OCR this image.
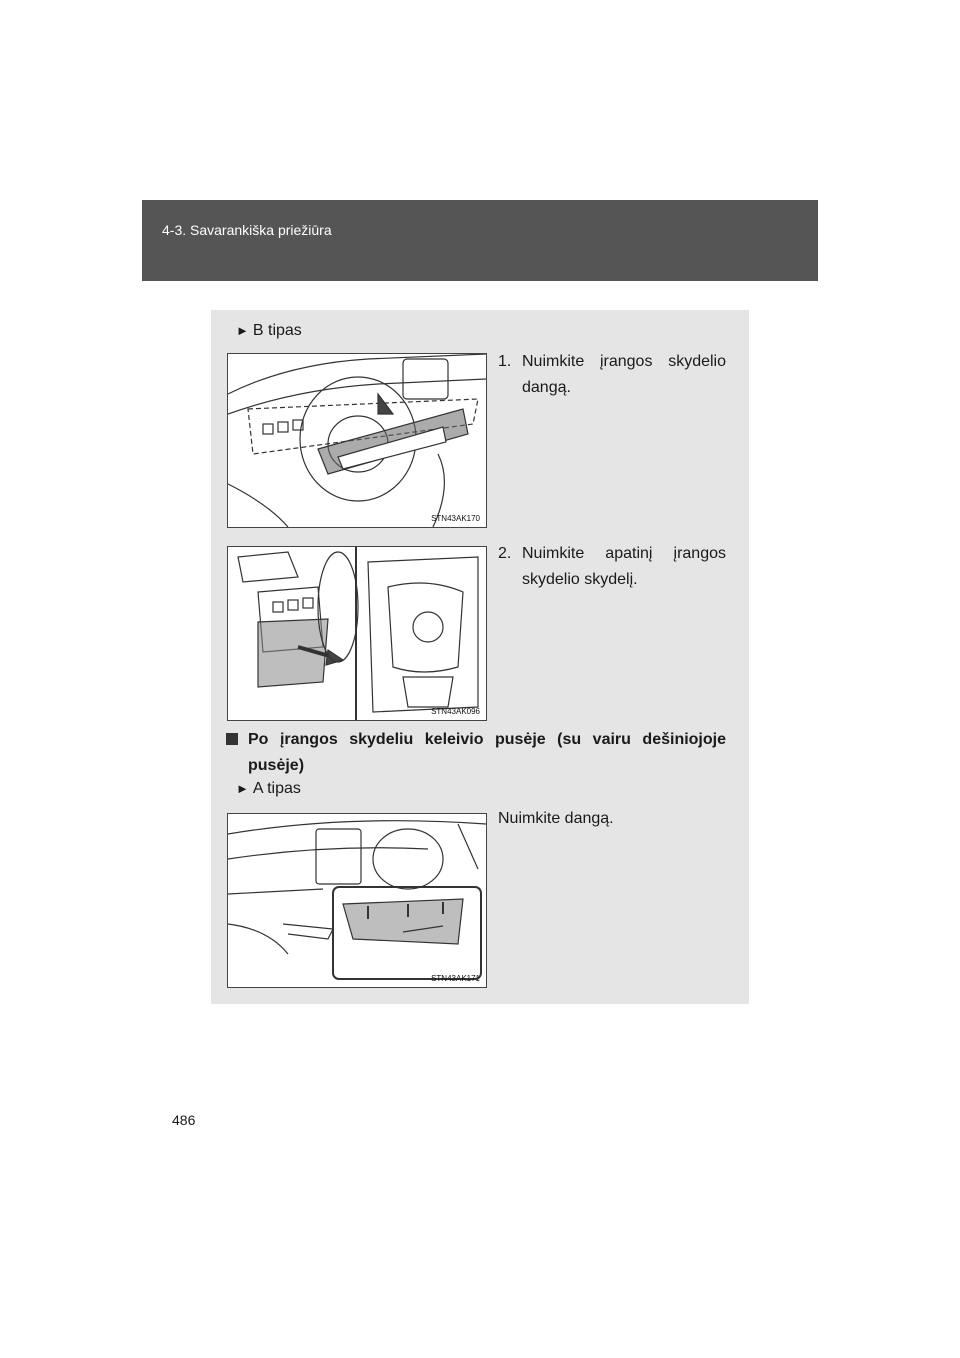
4-3. Savarankiška priežiūra
► B tipas
STN43AK170
1. Nuimkite įrangos skydelio dangą.
STN43AK096
2. Nuimkite apatinį įrangos skydelio skydelį.
Po įrangos skydeliu keleivio pusėje (su vairu dešiniojoje pusėje)
► A tipas
STN43AK171
Nuimkite dangą.
486
